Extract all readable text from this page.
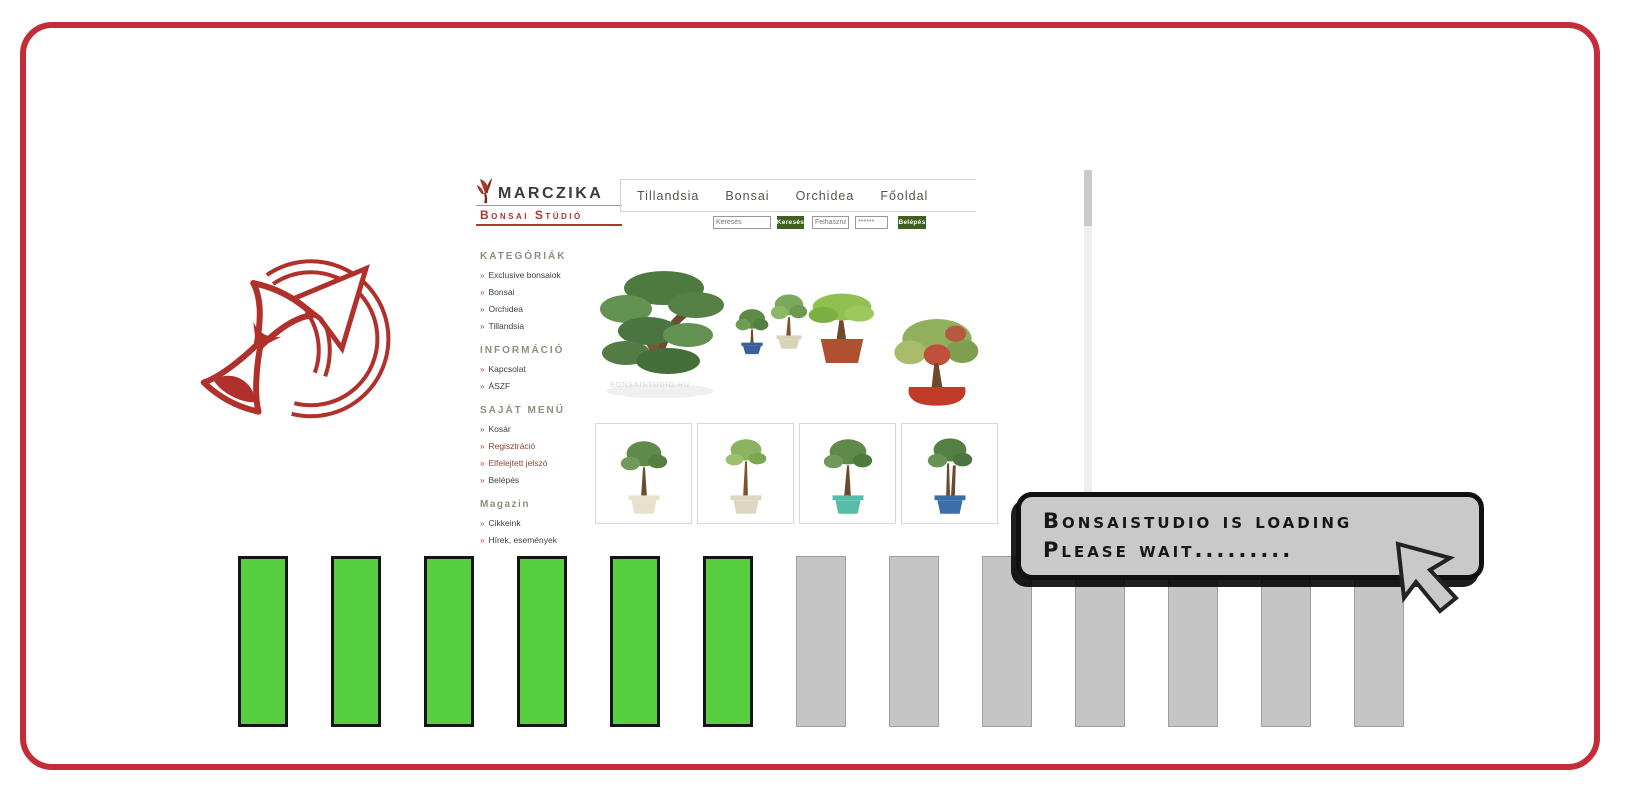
MARCZIKA
Bonsai Stúdió
Tillandsia Bonsai Orchidea Főoldal
Keresés
Keresés
Felhasználó
******	Belépés
KATEGÓRIÁK
» Exclusive bonsaiok
» Bonsai
» Orchidea
» Tillandsia
INFORMÁCIÓ
» Kapcsolat
» ÁSZF
SAJÁT MENÜ
» Kosár
» Regisztráció
» Elfelejtett jelszó
» Belépés
Magazin
» Cikkeink
» Hírek, események
BONSAISTUDIO.HU
Bonsaistudio is loading
Please wait.........
